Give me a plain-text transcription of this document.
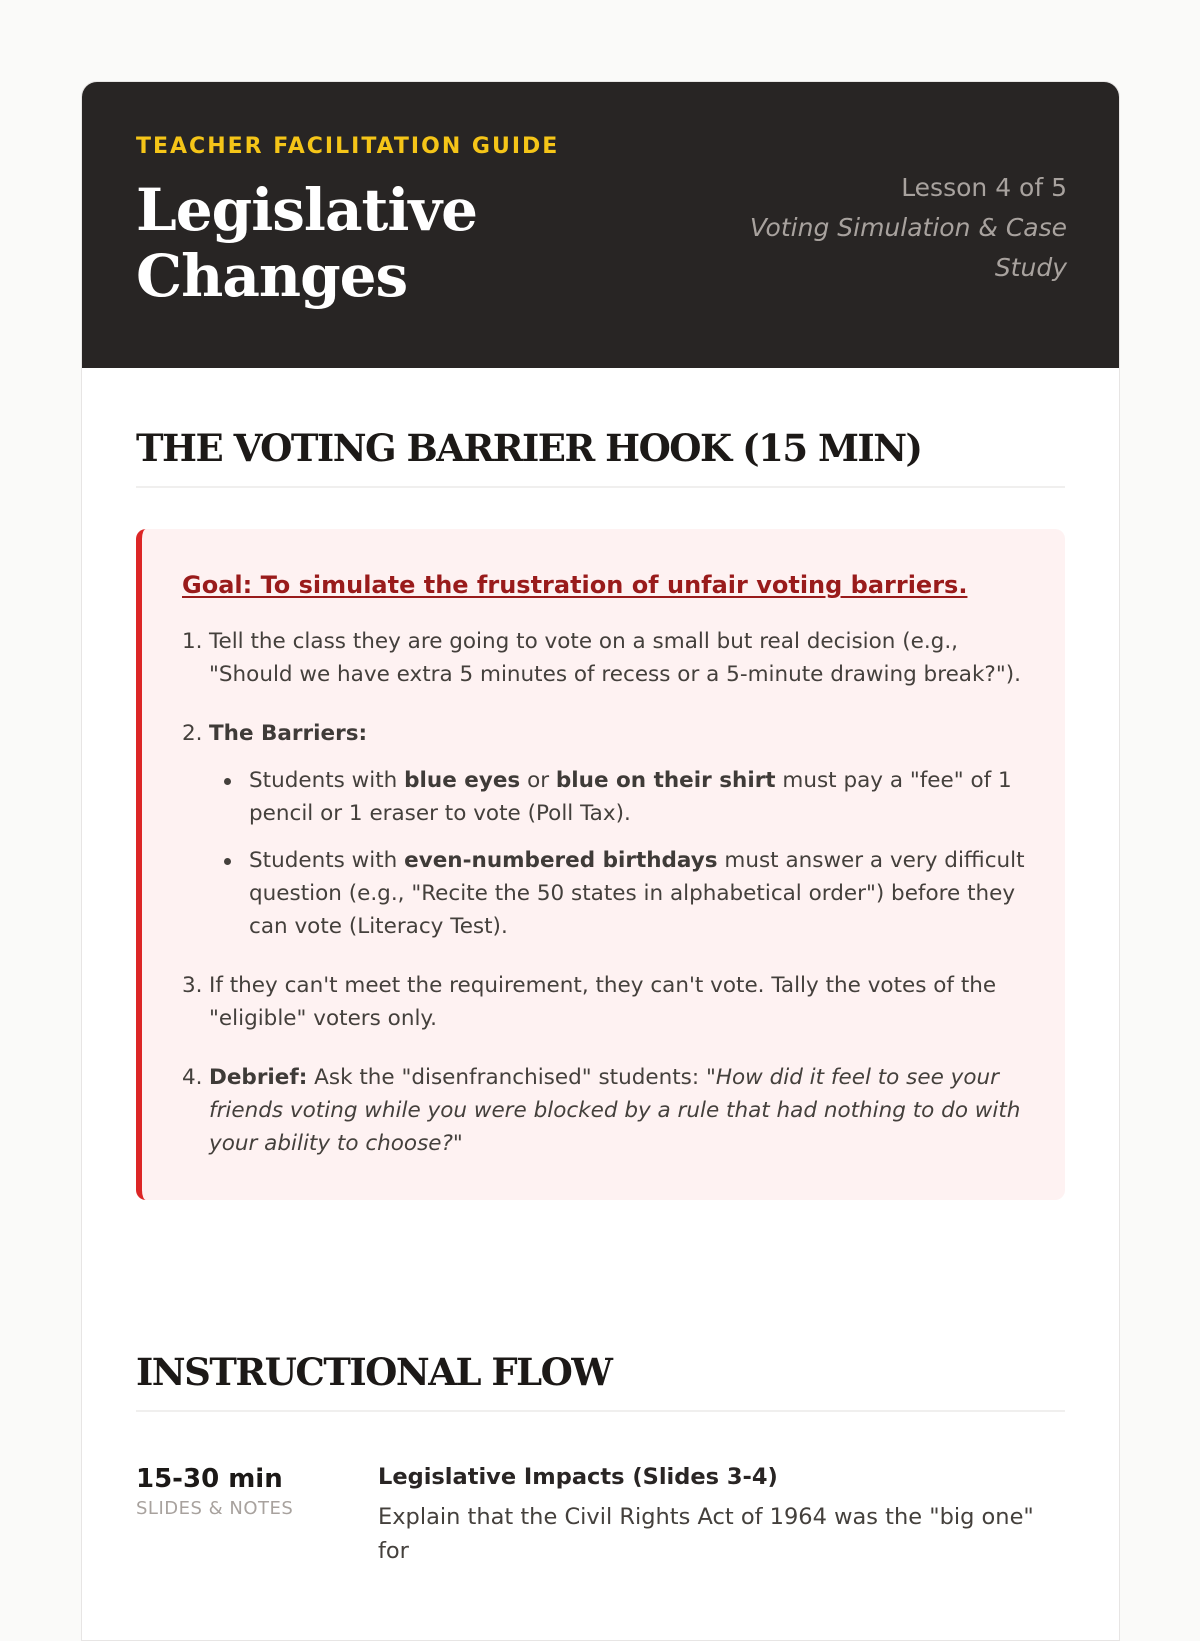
TEACHER FACILITATION GUIDE
Legislative Changes
Lesson 4 of 5
Voting Simulation & Case Study
THE VOTING BARRIER HOOK (15 MIN)
Goal: To simulate the frustration of unfair voting barriers.
1. Tell the class they are going to vote on a small but real decision (e.g., "Should we have extra 5 minutes of recess or a 5-minute drawing break?").
2. The Barriers:
Students with blue eyes or blue on their shirt must pay a "fee" of 1 pencil or 1 eraser to vote (Poll Tax).
Students with even-numbered birthdays must answer a very difficult question (e.g., "Recite the 50 states in alphabetical order") before they can vote (Literacy Test).
3. If they can't meet the requirement, they can't vote. Tally the votes of the "eligible" voters only.
4. Debrief: Ask the "disenfranchised" students: "How did it feel to see your friends voting while you were blocked by a rule that had nothing to do with your ability to choose?"
INSTRUCTIONAL FLOW
15-30 min
SLIDES & NOTES
Legislative Impacts (Slides 3-4)
Explain that the Civil Rights Act of 1964 was the "big one" for
